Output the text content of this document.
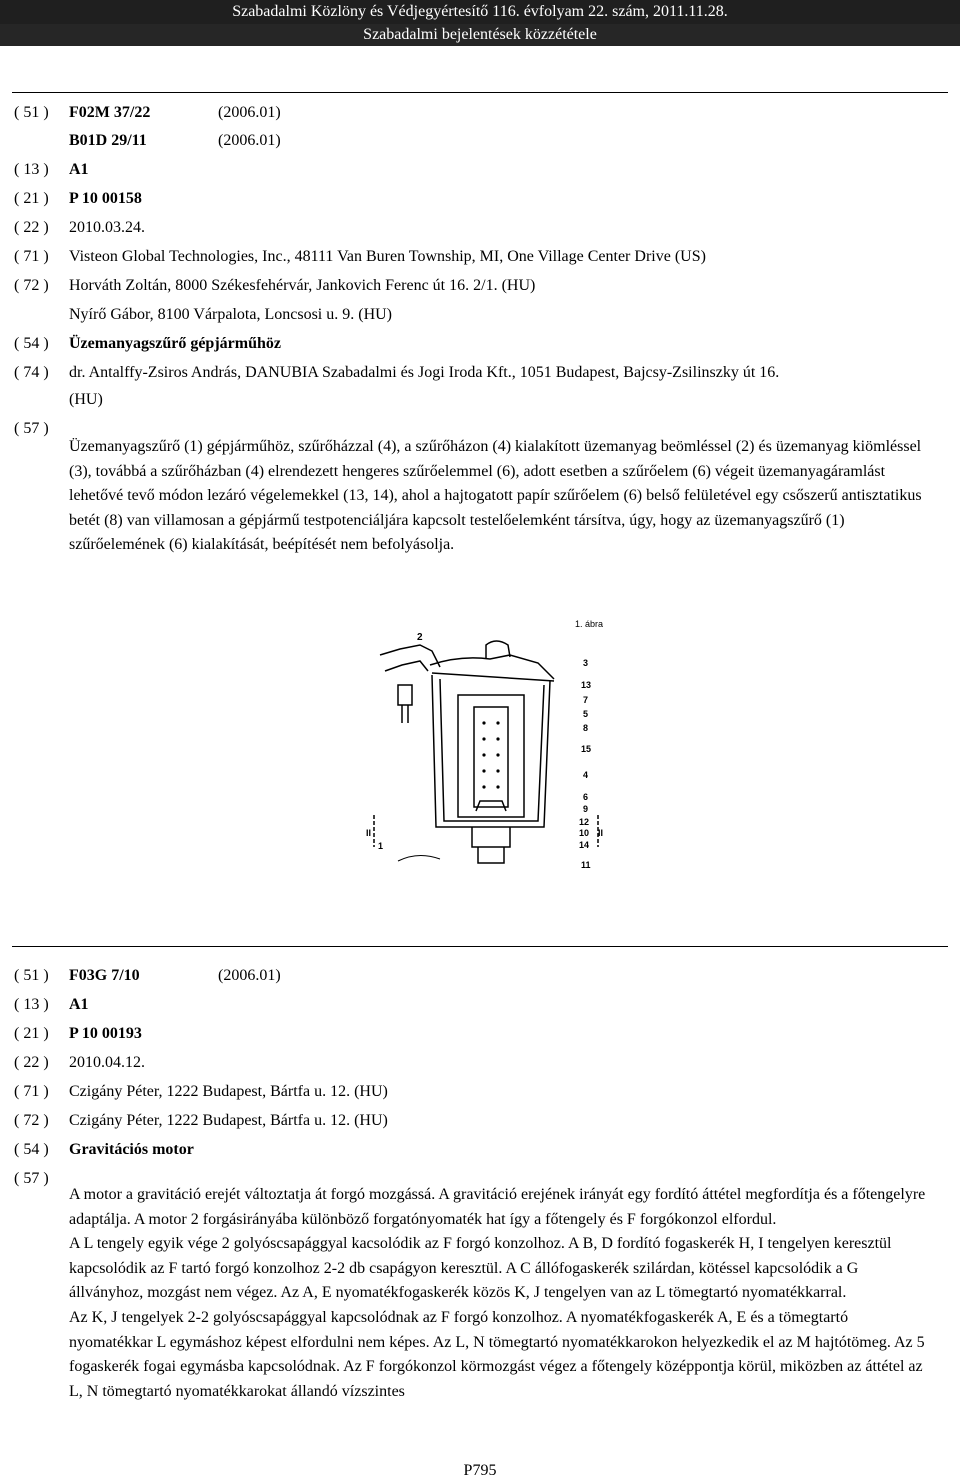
Szabadalmi Közlöny és Védjegyértesítő 116. évfolyam 22. szám, 2011.11.28.
Szabadalmi bejelentések közzététele
( 51 ) F02M 37/22	(2006.01)
B01D 29/11	(2006.01)
( 13 ) A1
( 21 ) P 10 00158
( 22 ) 2010.03.24.
( 71 ) Visteon Global Technologies, Inc., 48111 Van Buren Township, MI, One Village Center Drive (US)
( 72 ) Horváth Zoltán, 8000 Székesfehérvár, Jankovich Ferenc út 16. 2/1. (HU)
Nyírő Gábor, 8100 Várpalota, Loncsosi u. 9. (HU)
( 54 ) Üzemanyagszűrő gépjárműhöz
( 74 ) dr. Antalffy-Zsiros András, DANUBIA Szabadalmi és Jogi Iroda Kft., 1051 Budapest, Bajcsy-Zsilinszky út 16.
(HU)
( 57 )

Üzemanyagszűrő (1) gépjárműhöz, szűrőházzal (4), a szűrőházon (4) kialakított üzemanyag beömléssel (2) és üzemanyag kiömléssel (3), továbbá a szűrőházban (4) elrendezett hengeres szűrőelemmel (6), adott esetben a szűrőelem (6) végeit üzemanyagáramlást lehetővé tevő módon lezáró végelemekkel (13, 14), ahol a hajtogatott papír szűrőelem (6) belső felületével egy csőszerű antisztatikus betét (8) van villamosan a gépjármű testpotenciáljára kapcsolt testelőelemként társítva, úgy, hogy az üzemanyagszűrő (1) szűrőelemének (6) kialakítását, beépítését nem befolyásolja.

1. ábra
2
3
13
7
5
8
15
4
6
9
12
10
14
11
II	II
1
( 51 ) F03G 7/10	(2006.01)
( 13 ) A1
( 21 ) P 10 00193
( 22 ) 2010.04.12.
( 71 ) Czigány Péter, 1222 Budapest, Bártfa u. 12. (HU)
( 72 ) Czigány Péter, 1222 Budapest, Bártfa u. 12. (HU)
( 54 ) Gravitációs motor
( 57 )

A motor a gravitáció erejét változtatja át forgó mozgássá. A gravitáció erejének irányát egy fordító áttétel megfordítja és a főtengelyre adaptálja. A motor 2 forgásirányába különböző forgatónyomaték hat így a főtengely és F forgókonzol elfordul.

A L tengely egyik vége 2 golyóscsapággyal kacsolódik az F forgó konzolhoz. A B, D fordító fogaskerék H, I tengelyen keresztül kapcsolódik az F tartó forgó konzolhoz 2-2 db csapágyon keresztül. A C állófogaskerék szilárdan, kötéssel kapcsolódik a G állványhoz, mozgást nem végez. Az A, E nyomatékfogaskerék közös K, J tengelyen van az L tömegtartó nyomatékkarral.

Az K, J tengelyek 2-2 golyóscsapággyal kapcsolódnak az F forgó konzolhoz. A nyomatékfogaskerék A, E és a tömegtartó nyomatékkar L egymáshoz képest elfordulni nem képes. Az L, N tömegtartó nyomatékkarokon helyezkedik el az M hajtótömeg. Az 5 fogaskerék fogai egymásba kapcsolódnak. Az F forgókonzol körmozgást végez a főtengely középpontja körül, miközben az áttétel az L, N tömegtartó nyomatékkarokat állandó vízszintes

P795
